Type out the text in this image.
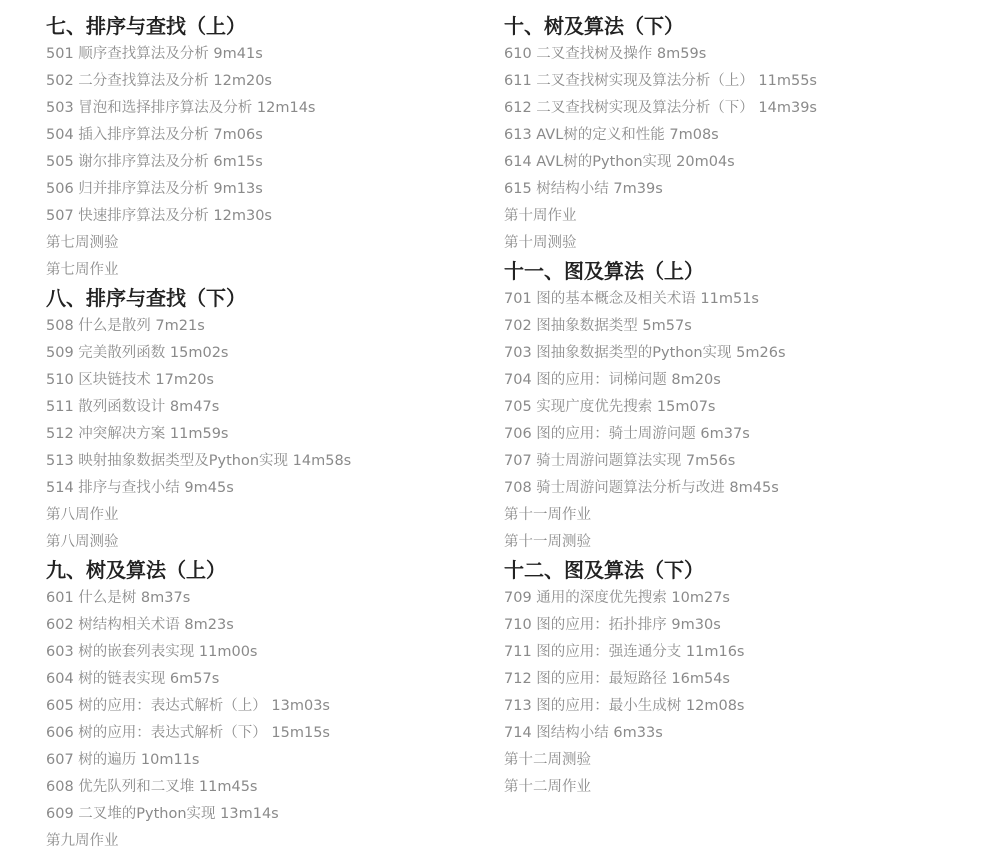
七、排序与查找（上）
501 顺序查找算法及分析 9m41s
502 二分查找算法及分析 12m20s
503 冒泡和选择排序算法及分析 12m14s
504 插入排序算法及分析 7m06s
505 谢尔排序算法及分析 6m15s
506 归并排序算法及分析 9m13s
507 快速排序算法及分析 12m30s
第七周测验
第七周作业
八、排序与查找（下）
508 什么是散列 7m21s
509 完美散列函数 15m02s
510 区块链技术 17m20s
511 散列函数设计 8m47s
512 冲突解决方案 11m59s
513 映射抽象数据类型及Python实现 14m58s
514 排序与查找小结 9m45s
第八周作业
第八周测验
九、树及算法（上）
601 什么是树 8m37s
602 树结构相关术语 8m23s
603 树的嵌套列表实现 11m00s
604 树的链表实现 6m57s
605 树的应用：表达式解析（上） 13m03s
606 树的应用：表达式解析（下） 15m15s
607 树的遍历 10m11s
608 优先队列和二叉堆 11m45s
609 二叉堆的Python实现 13m14s
第九周作业
十、树及算法（下）
610 二叉查找树及操作 8m59s
611 二叉查找树实现及算法分析（上） 11m55s
612 二叉查找树实现及算法分析（下） 14m39s
613 AVL树的定义和性能 7m08s
614 AVL树的Python实现 20m04s
615 树结构小结 7m39s
第十周作业
第十周测验
十一、图及算法（上）
701 图的基本概念及相关术语 11m51s
702 图抽象数据类型 5m57s
703 图抽象数据类型的Python实现 5m26s
704 图的应用：词梯问题 8m20s
705 实现广度优先搜索 15m07s
706 图的应用：骑士周游问题 6m37s
707 骑士周游问题算法实现 7m56s
708 骑士周游问题算法分析与改进 8m45s
第十一周作业
第十一周测验
十二、图及算法（下）
709 通用的深度优先搜索 10m27s
710 图的应用：拓扑排序 9m30s
711 图的应用：强连通分支 11m16s
712 图的应用：最短路径 16m54s
713 图的应用：最小生成树 12m08s
714 图结构小结 6m33s
第十二周测验
第十二周作业
